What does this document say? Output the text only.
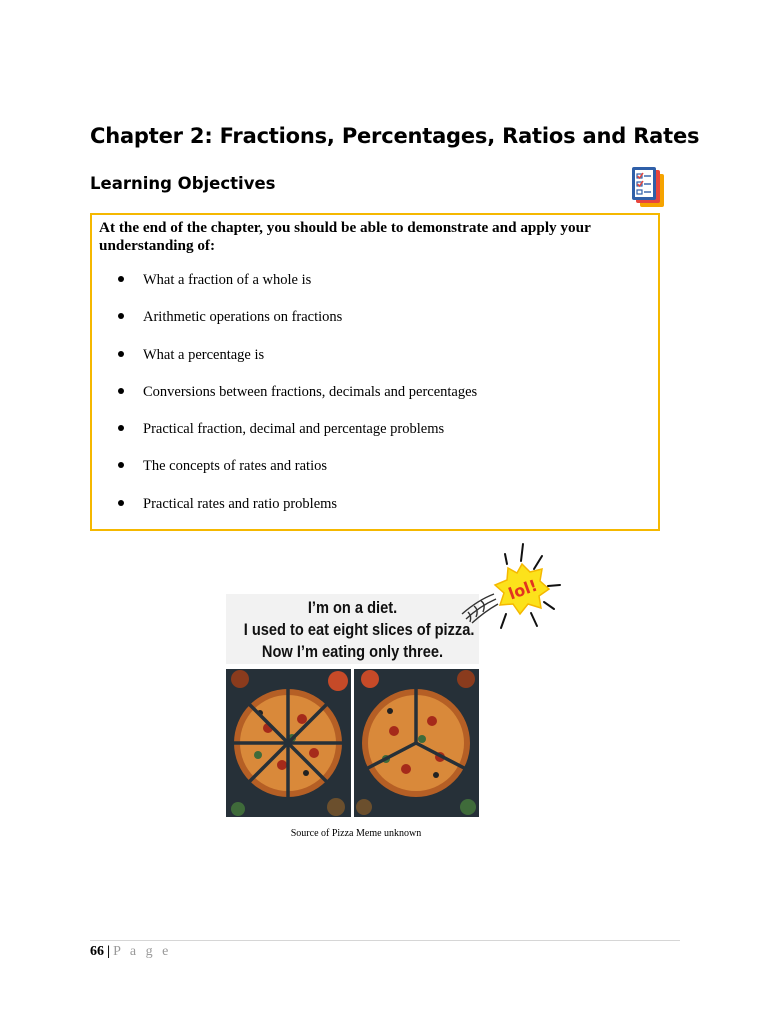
Chapter 2: Fractions, Percentages, Ratios and Rates
Learning Objectives

At the end of the chapter, you should be able to demonstrate and apply your understanding of:

What a fraction of a whole is
Arithmetic operations on fractions
What a percentage is
Conversions between fractions, decimals and percentages
Practical fraction, decimal and percentage problems
The concepts of rates and ratios
Practical rates and ratio problems
I’m on a diet.
I used to eat eight slices of pizza.
Now I’m eating only three.
lol!

Source of Pizza Meme unknown

66 | P a g e
